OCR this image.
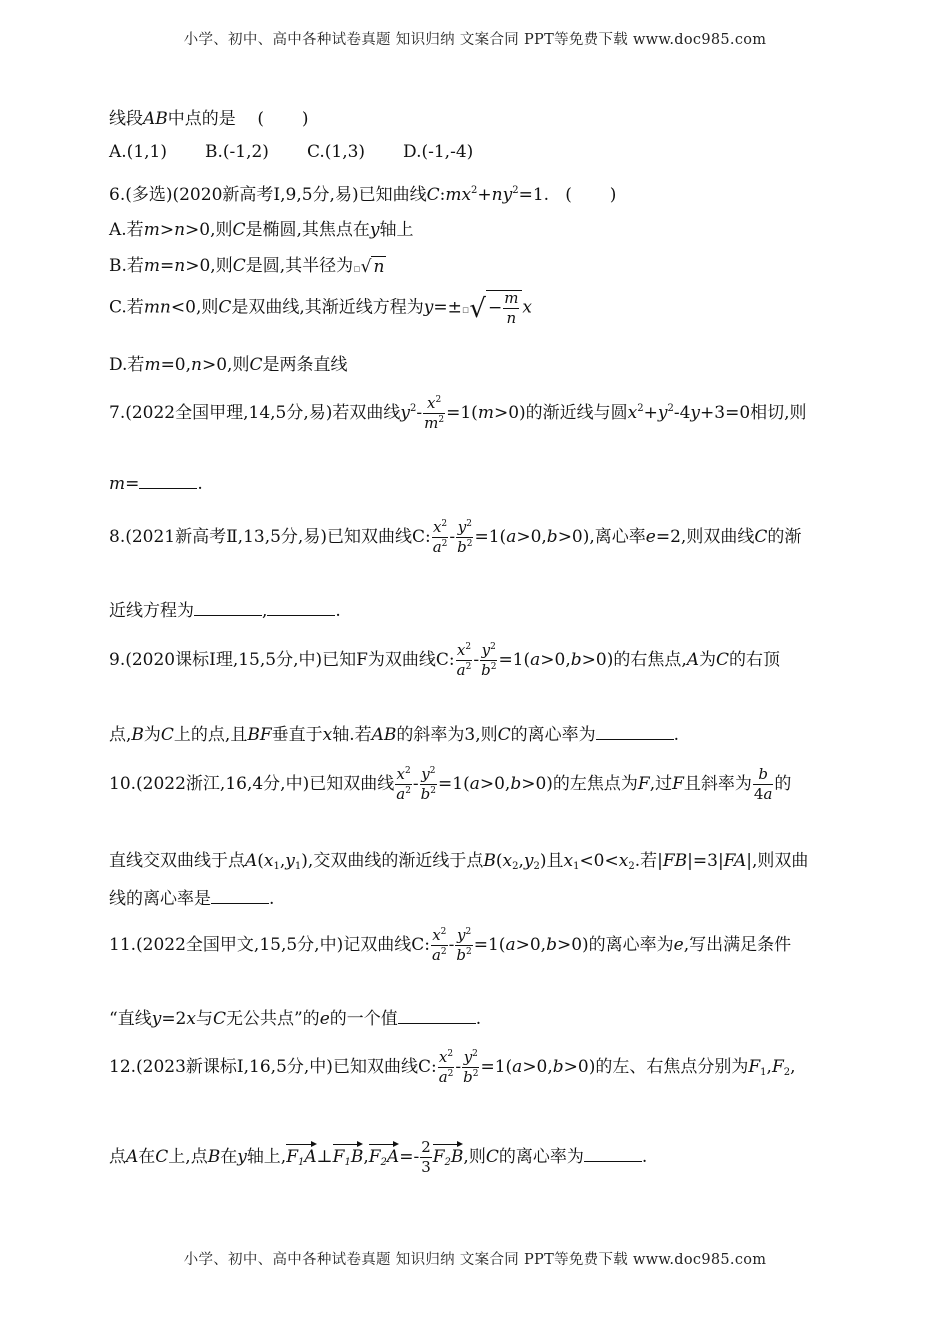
小学、初中、高中各种试卷真题 知识归纳 文案合同 PPT等免费下载 www.doc985.com
线段AB中点的是    (       )
A.(1,1) B.(-1,2) C.(1,3) D.(-1,-4)
6.(多选)(2020新高考Ⅰ,9,5分,易)已知曲线$C:mx^2+ny^2=1$.   (       )
A.若m>n>0,则C是椭圆,其焦点在y轴上
B.若m=n>0,则C是圆,其半径为▫√ n
C.若mn<0,则C是双曲线,其渐近线方程为y=±▫√ − $\frac{m}{n}$ x
D.若m=0,n>0,则C是两条直线
7.(2022全国甲理,14,5分,易)若双曲线$y^2- \frac{x^2}{m^2} =1(m>0)$的渐近线与圆$x^2+y^2-4y+3=0$相切,则
m=	.
8.(2021新高考Ⅱ,13,5分,易)已知双曲线C: $\frac{x^2}{a^2} - \frac{y^2}{b^2} =1(a>0,b>0)$,离心率e=2,则双曲线C的渐
近线方程为	,	.
9.(2020课标Ⅰ理,15,5分,中)已知F为双曲线C: $\frac{x^2}{a^2} - \frac{y^2}{b^2} =1(a>0,b>0)$的右焦点,A为C的右顶
点,B为C上的点,且BF垂直于x轴.若AB的斜率为3,则C的离心率为	.
10.(2022浙江,16,4分,中)已知双曲线 $\frac{x^2}{a^2} - \frac{y^2}{b^2} =1(a>0,b>0)$的左焦点为F,过F且斜率为 $\frac{b}{4a}$ 的
直线交双曲线于点$A(x_1,y_1)$,交双曲线的渐近线于点$B(x_2,y_2)$且$x_1<0<x_2$.若|FB|=3|FA|,则双曲
线的离心率是	.
11.(2022全国甲文,15,5分,中)记双曲线C: $\frac{x^2}{a^2} - \frac{y^2}{b^2} =1(a>0,b>0)$的离心率为e,写出满足条件
“直线y=2x与C无公共点”的e的一个值	.
12.(2023新课标Ⅰ,16,5分,中)已知双曲线C: $\frac{x^2}{a^2} - \frac{y^2}{b^2} =1(a>0,b>0)$的左、右焦点分别为$F_1,F_2$,
点A在C上,点B在y轴上$,F_1A\perp F_1B,F_2A=- \frac{2}{3} F_2B$,则C的离心率为	.
小学、初中、高中各种试卷真题 知识归纳 文案合同 PPT等免费下载 www.doc985.com
